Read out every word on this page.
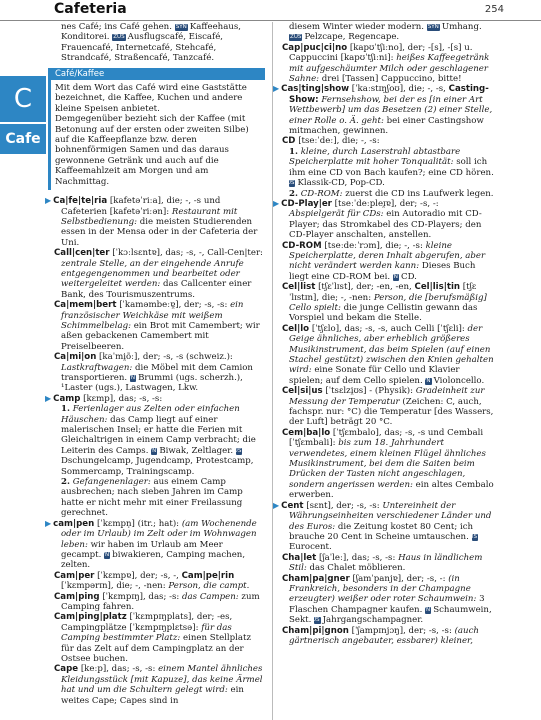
Cafeteria	254
C
Cafe

nes Café; ins Café gehen. SYN Kaffeehaus, Konditorei. ZUS Ausflugscafé, Eiscafé, Frauencafé, Internetcafé, Stehcafé, Strandcafé, Straßencafé, Tanzcafé.

Café/Kaffee

Mit dem Wort das Café wird eine Gaststätte bezeichnet, die Kaffee, Kuchen und andere kleine Speisen anbietet.

Demgegenüber bezieht sich der Kaffee (mit Betonung auf der ersten oder zweiten Silbe) auf die Kaffeepflanze bzw. deren bohnenförmigen Samen und das daraus gewonnene Getränk und auch auf die Kaffeemahlzeit am Morgen und am Nachmittag.

▶ Ca|fe|te|ria [kafetəˈriːa], die; -, -s und Cafeterien [kafetəˈriːən]: Restaurant mit Selbstbedienung: die meisten Studierenden essen in der Mensa oder in der Cafeteria der Uni.

Call|cen|ter [ˈkɔːlsɛntɐ], das; -s, -, Call-Cen|ter: zentrale Stelle, an der eingehende Anrufe entgegengenommen und bearbeitet oder weitergeleitet werden: das Callcenter einer Bank, des Tourismuszentrums.

Ca|mem|bert [ˈkaməmbeːɐ̯], der; -s, -s: ein französischer Weichkäse mit weißem Schimmelbelag: ein Brot mit Camembert; wir aßen gebackenen Camembert mit Preiselbeeren.

Ca|mi|on [kaˈmi̯õː], der; -s, -s (schweiz.): Lastkraftwagen: die Möbel mit dem Camion transportieren. SYN Brummi (ugs. scherzh.), ¹Laster (ugs.), Lastwagen, Lkw.

▶ Camp [kɛmp], das; -s, -s:
1. Ferienlager aus Zelten oder einfachen Häuschen: das Camp liegt auf einer malerischen Insel; er hatte die Ferien mit Gleichaltrigen in einem Camp verbracht; die Leiterin des Camps. SYN Biwak, Zeltlager. ZUSDschungelcamp, Jugendcamp, Protestcamp, Sommercamp, Trainingscamp.
2. Gefangenenlager: aus einem Camp ausbrechen; nach sieben Jahren im Camp hatte er nicht mehr mit einer Freilassung gerechnet.

▶ cam|pen [ˈkɛmpn̩] (itr.; hat): (am Wochenende oder im Urlaub) im Zelt oder im Wohnwagen leben: wir haben im Urlaub am Meer gecampt. SYN biwakieren, Camping machen, zelten.

Cam|per [ˈkɛmpɐ], der; -s, -, Cam|pe|rin [ˈkɛmpərɪn], die; -, -nen: Person, die campt.

Cam|ping [ˈkɛmpɪŋ], das; -s: das Campen: zum Camping fahren.

Cam|ping|platz [ˈkɛmpɪŋplats], der; -es, Campingplätze [ˈkɛmpɪŋplɛtsə]: für das Camping bestimmter Platz: einen Stellplatz für das Zelt auf dem Campingplatz an der Ostsee buchen.

Cape [keːp], das; -s, -s: einem Mantel ähnliches Kleidungsstück [mit Kapuze], das keine Ärmel hat und um die Schultern gelegt wird: ein weites Cape; Capes sind in

diesem Winter wieder modern. SYN Umhang. ZUS Pelzcape, Regencape.

Cap|puc|ci|no [kapʊˈtʃiːno], der; -[s], -[s] u. Cappuccini [kapʊˈtʃiːni]: heißes Kaffeegetränk mit aufgeschäumter Milch oder geschlagener Sahne: drei [Tassen] Cappuccino, bitte!

▶ Cas|ting|show [ˈkaːstɪŋʃoʊ], die; -, -s, Casting-Show: Fernsehshow, bei der es [in einer Art Wettbewerb] um das Besetzen (2) einer Stelle, einer Rolle o. Ä. geht: bei einer Castingshow mitmachen, gewinnen.

CD [tseːˈdeː], die; -, -s:
1. kleine, durch Laserstrahl abtastbare Speicherplatte mit hoher Tonqualität: soll ich ihm eine CD von Bach kaufen?; eine CD hören. ZUS Klassik-CD, Pop-CD.
2. CD-ROM: zuerst die CD ins Laufwerk legen.

▶ CD-Play|er [tseːˈdeːpleɪ̯ɐ], der; -s, -: Abspielgerät für CDs: ein Autoradio mit CD-Player; das Stromkabel des CD-Players; den CD-Player anschalten, anstellen.

CD-ROM [tseːdeːˈrɔm], die; -, -s: kleine Speicherplatte, deren Inhalt abgerufen, aber nicht verändert werden kann: Dieses Buch liegt eine CD-ROM bei. SYN CD.

Cel|list [tʃɛˈlɪst], der; -en, -en, Cel|lis|tin [tʃɛˈlɪstɪn], die; -, -nen: Person, die [berufsmäßig] Cello spielt: die junge Cellistin gewann das Vorspiel und bekam die Stelle.

Cel|lo [ˈtʃɛlo], das; -s, -s, auch Celli [ˈtʃɛli]: der Geige ähnliches, aber erheblich größeres Musikinstrument, das beim Spielen (auf einen Stachel gestützt) zwischen den Knien gehalten wird: eine Sonate für Cello und Klavier spielen; auf dem Cello spielen. SYN Violoncello.

Cel|si|us [ˈtsɛlzi̯ʊs] - (Physik): Gradeinheit zur Messung der Temperatur (Zeichen: C, auch, fachspr. nur: °C) die Temperatur [des Wassers, der Luft] beträgt 20 °C.

Cem|ba|lo [ˈtʃɛmbalo], das; -s, -s und Cembali [ˈtʃɛmbali]: bis zum 18. Jahrhundert verwendetes, einem kleinen Flügel ähnliches Musikinstrument, bei dem die Saiten beim Drücken der Tasten nicht angeschlagen, sondern angerissen werden: ein altes Cembalo erwerben.

▶ Cent [sɛnt], der; -s, -s: Untereinheit der Währungseinheiten verschiedener Länder und des Euros: die Zeitung kostet 80 Cent; ich brauche 20 Cent in Scheine umtauschen. ZUSEurocent.

Cha|let [ʃaˈleː], das; -s, -s: Haus in ländlichem Stil: das Chalet möblieren.

Cham|pa|gner [ʃamˈpanjɐ], der; -s, -: (in Frankreich, besonders in der Champagne erzeugter) weißer oder roter Schaumwein: 3 Flaschen Champagner kaufen. SYN Schaumwein, Sekt. ZUS Jahrgangschampagner.

Cham|pi|gnon [ˈʃampɪnjɔŋ], der; -s, -s: (auch gärtnerisch angebauter, essbarer) kleiner,
